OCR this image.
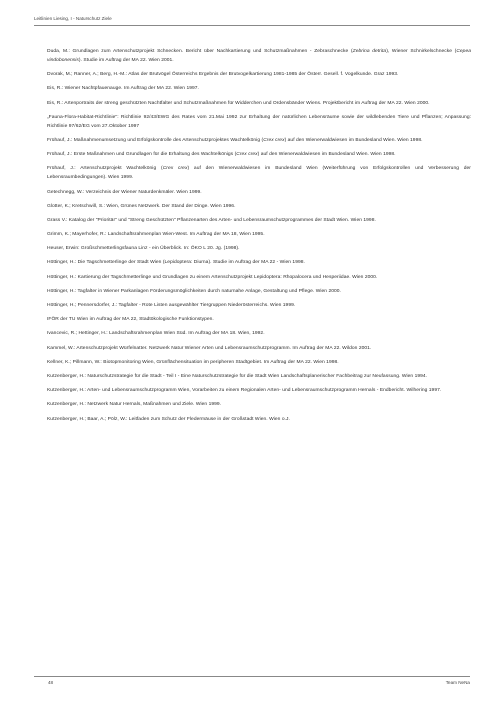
Leitlinien Liesing, I - Naturschutz Ziele
Duda, M.: Grundlagen zum Artenschutzprojekt Schnecken. Bericht über Nachkartierung und Schutzmaßnahmen - Zebraschnecke (Zebrina detrita), Wiener Schnirkelschnecke (Cepea vindobonensis). Studie im Auftrag der MA 22. Wien 2001.
Dvorak, M.; Ranner, A.; Berg, H.-M.: Atlas der Brutvögel Österreichs Ergebnis der Brutvogelkartierung 1981-1985 der Österr. Gesell. f. Vogelkunde. Graz 1993.
Eis, R.: Wiener Nachtpfauenauge. Im Auftrag der MA 22. Wien 1997.
Eis, R.: Artenportraits der streng geschützten Nachtfalter und Schutzmaßnahmen für Widderchen und Ordensbänder Wiens. Projektbericht im Auftrag der MA 22. Wien 2000.
„Fauna-Flora-Habitat-Richtlinie": Richtlinie 92/43/EWG des Rates vom 21.Mai 1992 zur Erhaltung der natürlichen Lebensräume sowie der wildlebenden Tiere und Pflanzen; Anpassung: Richtlinie 97/62/EG vom 27.Oktober 1997
Frühauf, J.: Maßnahmenumsetzung und Erfolgskontrolle des Artenschutzprojektes Wachtelkönig (Crex crex) auf den Wienerwaldwiesen im Bundesland Wien. Wien 1998.
Frühauf, J.: Erste Maßnahmen und Grundlagen für die Erhaltung des Wachtelkönigs (Crex crex) auf den Wienerwaldwiesen im Bundesland Wien. Wien 1998.
Frühauf, J.: Artenschutzprojekt Wachtelkönig (Crex crex) auf den Wienerwaldwiesen im Bundesland Wien (Weiterführung von Erfolgskontrollen und Verbesserung der Lebensraumbedingungen). Wien 1999.
Getechnegg, W.: Verzeichnis der Wiener Naturdenkmäler. Wien 1999.
Glotter, K.; Kretschwill, S.: Wien, Grünes Netzwerk. Der Stand der Dinge. Wien 1996.
Grass V.: Katalog der "Prioritär" und "Streng Geschützten" Pflanzenarten des Arten- und Lebensraumschutzprogrammes der Stadt Wien. Wien 1998.
Grimm, K.; Mayerhofer, R.: Landschaftsrahmenplan Wien-West. Im Auftrag der MA 18, Wien 1995.
Heuser, Erwin: Großschmetterlingsfauna Linz - ein Überblick. In: ÖKO L 20. Jg. (1998).
Höttinger, H.: Die Tagschmetterlinge der Stadt Wien (Lepidoptera: Diurna). Studie im Auftrag der MA 22 - Wien 1998.
Höttinger, H.: Kartierung der Tagschmetterlinge und Grundlagen zu einem Artenschutzprojekt Lepidoptera: Rhopalocera und Hesperiidae. Wien 2000.
Höttinger, H.: Tagfalter in Wiener Parkanlagen Förderungsmöglichkeiten durch naturnahe Anlage, Gestaltung und Pflege. Wien 2000.
Höttinger, H.; Pennersdorfer, J.: Tagfalter - Rote Listen ausgewählter Tiergruppen Niederösterreichs. Wien 1999.
IFÖR der TU Wien im Auftrag der MA 22, Stadtökologische Funktionstypen.
Ivancevic, R.; Hettinger, H.: Landschaftsrahmenplan Wien Süd. Im Auftrag der MA 18. Wien, 1992.
Kammel, W.: Artenschutzprojekt Würfelnatter. Netzwerk Natur Wiener Arten und Lebensraumschutzprogramm. Im Auftrag der MA 22. Wildon 2001.
Kellner, K.; Pillmann, W.: Biotopmonitoring Wien, Grünflächensituation im peripheren Stadtgebiet. Im Auftrag der MA 22. Wien 1998.
Kutzenberger, H.: Naturschutzstrategie für die Stadt - Teil I - Eine Naturschutzstrategie für die Stadt Wien Landschaftsplanerischer Fachbeitrag zur Neufassung. Wien 1994.
Kutzenberger, H.: Arten- und Lebensraumschutzprogramm Wien, Vorarbeiten zu einem Regionalen Arten- und Lebensraumschutzprogramm Hernals - Endbericht. Wilhering 1997.
Kutzenberger, H.: Netzwerk Natur Hernals, Maßnahmen und Ziele. Wien 1999.
Kutzenberger, H.; Baar, A.; Pölz, W.: Leitfaden zum Schutz der Fledermäuse in der Großstadt Wien. Wien o.J.
48	Team NeNa
